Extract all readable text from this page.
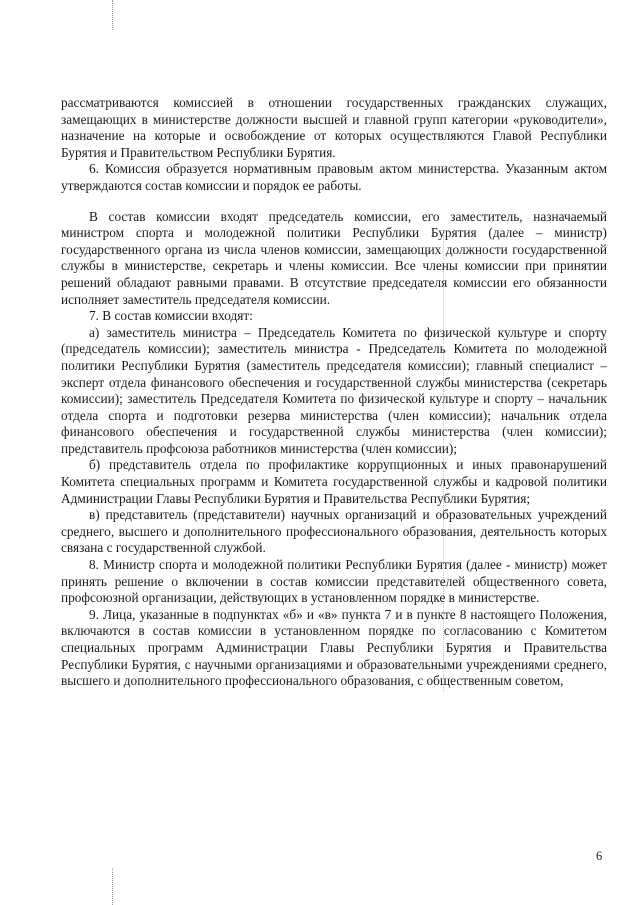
рассматриваются комиссией в отношении государственных гражданских служащих, замещающих в министерстве должности высшей и главной групп категории «руководители», назначение на которые и освобождение от которых осуществляются Главой Республики Бурятия и Правительством Республики Бурятия.

6. Комиссия образуется нормативным правовым актом министерства. Указанным актом утверждаются состав комиссии и порядок ее работы.

В состав комиссии входят председатель комиссии, его заместитель, назначаемый министром спорта и молодежной политики Республики Бурятия (далее – министр) государственного органа из числа членов комиссии, замещающих должности государственной службы в министерстве, секретарь и члены комиссии. Все члены комиссии при принятии решений обладают равными правами. В отсутствие председателя комиссии его обязанности исполняет заместитель председателя комиссии.

7. В состав комиссии входят:

а) заместитель министра – Председатель Комитета по физической культуре и спорту (председатель комиссии); заместитель министра - Председатель Комитета по молодежной политики Республики Бурятия (заместитель председателя комиссии); главный специалист – эксперт отдела финансового обеспечения и государственной службы министерства (секретарь комиссии); заместитель Председателя Комитета по физической культуре и спорту – начальник отдела спорта и подготовки резерва министерства (член комиссии); начальник отдела финансового обеспечения и государственной службы министерства (член комиссии); представитель профсоюза работников министерства (член комиссии);

б) представитель отдела по профилактике коррупционных и иных правонарушений Комитета специальных программ и Комитета государственной службы и кадровой политики Администрации Главы Республики Бурятия и Правительства Республики Бурятия;

в) представитель (представители) научных организаций и образовательных учреждений среднего, высшего и дополнительного профессионального образования, деятельность которых связана с государственной службой.

8. Министр спорта и молодежной политики Республики Бурятия (далее - министр) может принять решение о включении в состав комиссии представителей общественного совета, профсоюзной организации, действующих в установленном порядке в министерстве.

9. Лица, указанные в подпунктах «б» и «в» пункта 7 и в пункте 8 настоящего Положения, включаются в состав комиссии в установленном порядке по согласованию с Комитетом специальных программ Администрации Главы Республики Бурятия и Правительства Республики Бурятия, с научными организациями и образовательными учреждениями среднего, высшего и дополнительного профессионального образования, с общественным советом,

6
